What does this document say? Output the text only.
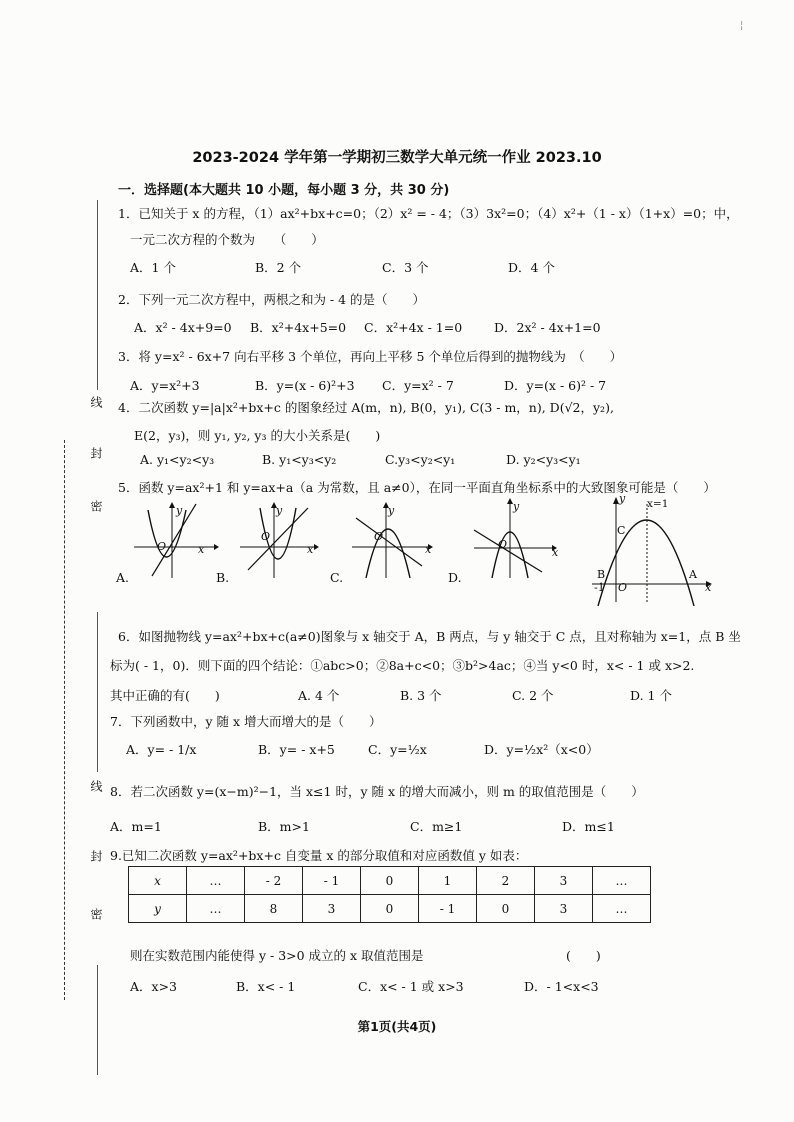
¦
线
封
密
线
封
密
2023-2024 学年第一学期初三数学大单元统一作业 2023.10
一．选择题(本大题共 10 小题，每小题 3 分，共 30 分)
1．已知关于 x 的方程，（1）ax²+bx+c=0；（2）x² = - 4；（3）3x²=0；（4）x²+（1 - x）（1+x）=0；中，
一元二次方程的个数为　　（　　）
A．1 个	B．2 个	C．3 个	D．4 个
2．下列一元二次方程中，两根之和为 - 4 的是（　　）
A．x² - 4x+9=0 B．x²+4x+5=0 C．x²+4x - 1=0	D．2x² - 4x+1=0
3．将 y=x² - 6x+7 向右平移 3 个单位，再向上平移 5 个单位后得到的抛物线为　（　　）
A．y=x²+3	B．y=(x - 6)²+3 C．y=x² - 7	D．y=(x - 6)² - 7
4．二次函数 y=|a|x²+bx+c 的图象经过 A(m，n), B(0，y₁), C(3 - m，n), D(√2，y₂),
E(2，y₃)，则 y₁, y₂, y₃ 的大小关系是(　　)
A. y₁<y₂<y₃	B. y₁<y₃<y₂	C.y₃<y₂<y₁	D. y₂<y₃<y₁
5．函数 y=ax²+1 和 y=ax+a（a 为常数，且 a≠0），在同一平面直角坐标系中的大致图象可能是（　　）
O	x
y
O
x
y
O
x
y
O
x
y
A.	B.	C.	D.
y x=1
C
B	A
O
-1	x
6．如图抛物线 y=ax²+bx+c(a≠0)图象与 x 轴交于 A，B 两点，与 y 轴交于 C 点，且对称轴为 x=1，点 B 坐
标为( - 1，0)．则下面的四个结论：①abc>0；②8a+c<0；③b²>4ac；④当 y<0 时，x< - 1 或 x>2.
其中正确的有(　　)	A. 4 个	B. 3 个	C. 2 个	D. 1 个
7．下列函数中，y 随 x 增大而增大的是（　　）
A．y= - 1/x	B．y= - x+5	C．y=½x	D．y=½x²（x<0）
8．若二次函数 y=(x−m)²−1，当 x≤1 时，y 随 x 的增大而减小，则 m 的取值范围是（　　）
A．m=1	B．m>1	C．m≥1	D．m≤1
9.已知二次函数 y=ax²+bx+c 自变量 x 的部分取值和对应函数值 y 如表：
x	…	- 2	- 1	0	1	2	3	…
y	…	8	3	0	- 1	0	3	…
则在实数范围内能使得 y - 3>0 成立的 x 取值范围是	(　　)
A．x>3	B．x< - 1	C．x< - 1 或 x>3	D．- 1<x<3
第1页(共4页)
